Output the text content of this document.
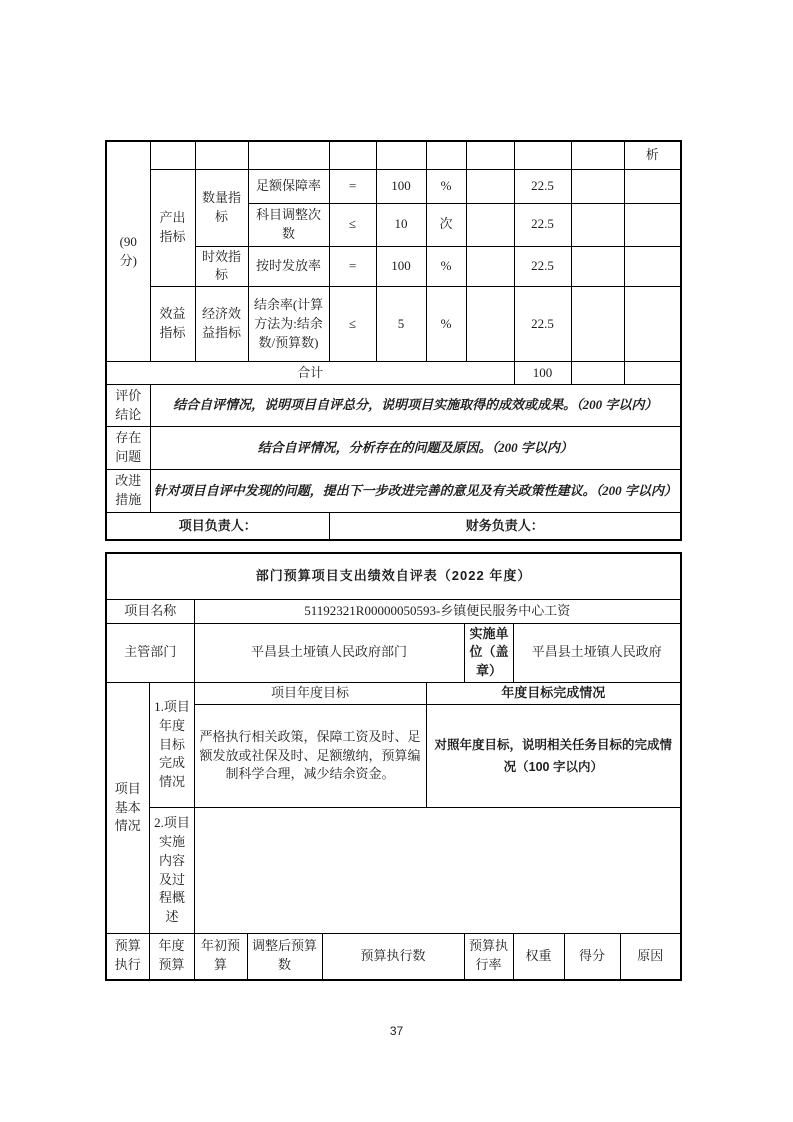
(90 分)										析
	产出指标	数量指标	足额保障率	=	100	%		22.5		
			科目调整次数	≤	10	次		22.5		
		时效指标	按时发放率	=	100	%		22.5		
	效益指标	经济效益指标	结余率(计算方法为:结余数/预算数)	≤	5	%		22.5		
合计								100		
评价结论	结合自评情况，说明项目自评总分，说明项目实施取得的成效或成果。（200 字以内）									
存在问题	结合自评情况，分析存在的问题及原因。（200 字以内）									
改进措施	针对项目自评中发现的问题，提出下一步改进完善的意见及有关政策性建议。（200 字以内）									
项目负责人：				财务负责人：						
部门预算项目支出绩效自评表（2022 年度）									
项目名称		51192321R00000050593-乡镇便民服务中心工资							
主管部门		平昌县土垭镇人民政府部门				实施单位（盖章）	平昌县土垭镇人民政府		
项目基本情况	1.项目年度目标完成情况	项目年度目标			年度目标完成情况				
		严格执行相关政策，保障工资及时、足额发放或社保及时、足额缴纳，预算编制科学合理，减少结余资金。			对照年度目标，说明相关任务目标的完成情况（100 字以内）				
	2.项目实施内容及过程概述								
预算执行	年度预算	年初预算	调整后预算数	预算执行数		预算执行率	权重	得分	原因
37
